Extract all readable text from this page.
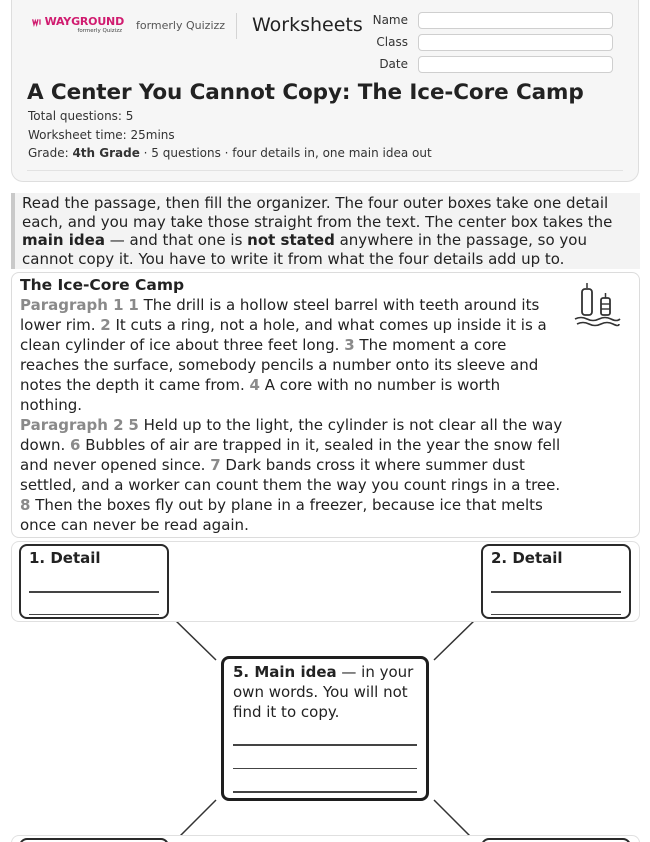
WAYGROUND
formerly Quizizz formerly Quizizz Worksheets Name
Class
Date
A Center You Cannot Copy: The Ice-Core Camp
Total questions: 5
Worksheet time: 25mins
Grade: 4th Grade · 5 questions · four details in, one main idea out
Read the passage, then fill the organizer. The four outer boxes take one detail each, and you may take those straight from the text. The center box takes the main idea — and that one is not stated anywhere in the passage, so you cannot copy it. You have to write it from what the four details add up to.
The Ice-Core Camp
Paragraph 1 1 The drill is a hollow steel barrel with teeth around its lower rim. 2 It cuts a ring, not a hole, and what comes up inside it is a clean cylinder of ice about three feet long. 3 The moment a core reaches the surface, somebody pencils a number onto its sleeve and notes the depth it came from. 4 A core with no number is worth nothing.
Paragraph 2 5 Held up to the light, the cylinder is not clear all the way down. 6 Bubbles of air are trapped in it, sealed in the year the snow fell and never opened since. 7 Dark bands cross it where summer dust settled, and a worker can count them the way you count rings in a tree. 8 Then the boxes fly out by plane in a freezer, because ice that melts once can never be read again.
1. Detail	2. Detail
5. Main idea — in your own words. You will not find it to copy.
